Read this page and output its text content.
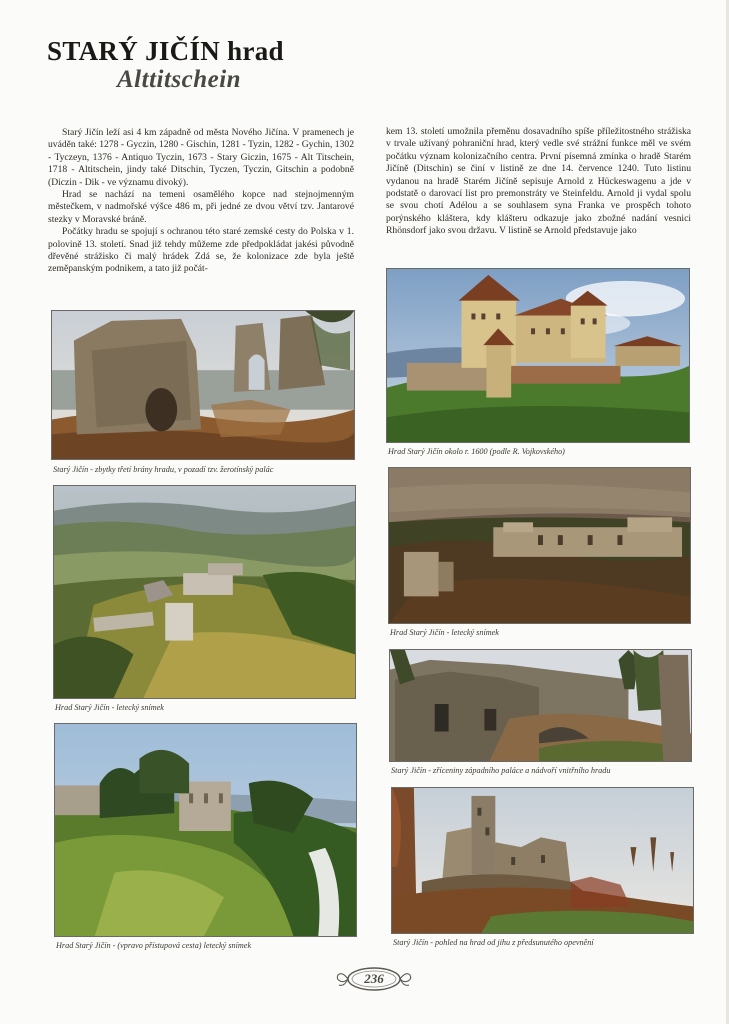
STARÝ JIČÍN hrad
Alttitschein

Starý Jičín leží asi 4 km západně od města Nového Jičína. V pramenech je uváděn také: 1278 - Gyczin, 1280 - Gischin, 1281 - Tyzin, 1282 - Gychin, 1302 - Tyczeyn, 1376 - Antiquo Tyczin, 1673 - Stary Giczin, 1675 - Alt Titschein, 1718 - Altitschein, jindy také Ditschin, Tyczen, Tyczin, Gitschin a podobně (Diczin - Dik - ve významu divoký).

Hrad se nachází na temeni osamělého kopce nad stejnojmenným městečkem, v nadmořské výšce 486 m, při jedné ze dvou větví tzv. Jantarové stezky v Moravské bráně.

Počátky hradu se spojují s ochranou této staré zemské cesty do Polska v 1. polovině 13. století. Snad již tehdy můžeme zde předpokládat jakési původně dřevěné strážisko či malý hrádek Zdá se, že kolonizace zde byla ještě zeměpanským podnikem, a tato již počát-

kem 13. století umožnila přeměnu dosavadního spíše příležitostného strážiska v trvale užívaný pohraniční hrad, který vedle své strážní funkce měl ve svém počátku význam kolonizačního centra. První písemná zmínka o hradě Starém Jičíně (Ditschin) se činí v listině ze dne 14. července 1240. Tuto listinu vydanou na hradě Starém Jičíně sepisuje Arnold z Hückeswagenu a jde v podstatě o darovací list pro premonstráty ve Steinfeldu. Arnold ji vydal spolu se svou chotí Adélou a se souhlasem syna Franka ve prospěch tohoto porýnského kláštera, kdy klášteru odkazuje jako zbožné nadání vesnici Rhönsdorf jako svou državu. V listině se Arnold představuje jako

Starý Jičín - zbytky třetí brány hradu, v pozadí tzv. žerotínský palác
Hrad Starý Jičín okolo r. 1600 (podle R. Vojkovského)
Hrad Starý Jičín - letecký snímek
Hrad Starý Jičín - letecký snímek
Starý Jičín - zříceniny západního paláce a nádvoří vnitřního hradu
Hrad Starý Jičín - (vpravo přístupová cesta) letecký snímek	Starý Jičín - pohled na hrad od jihu z předsunutého opevnění
236
